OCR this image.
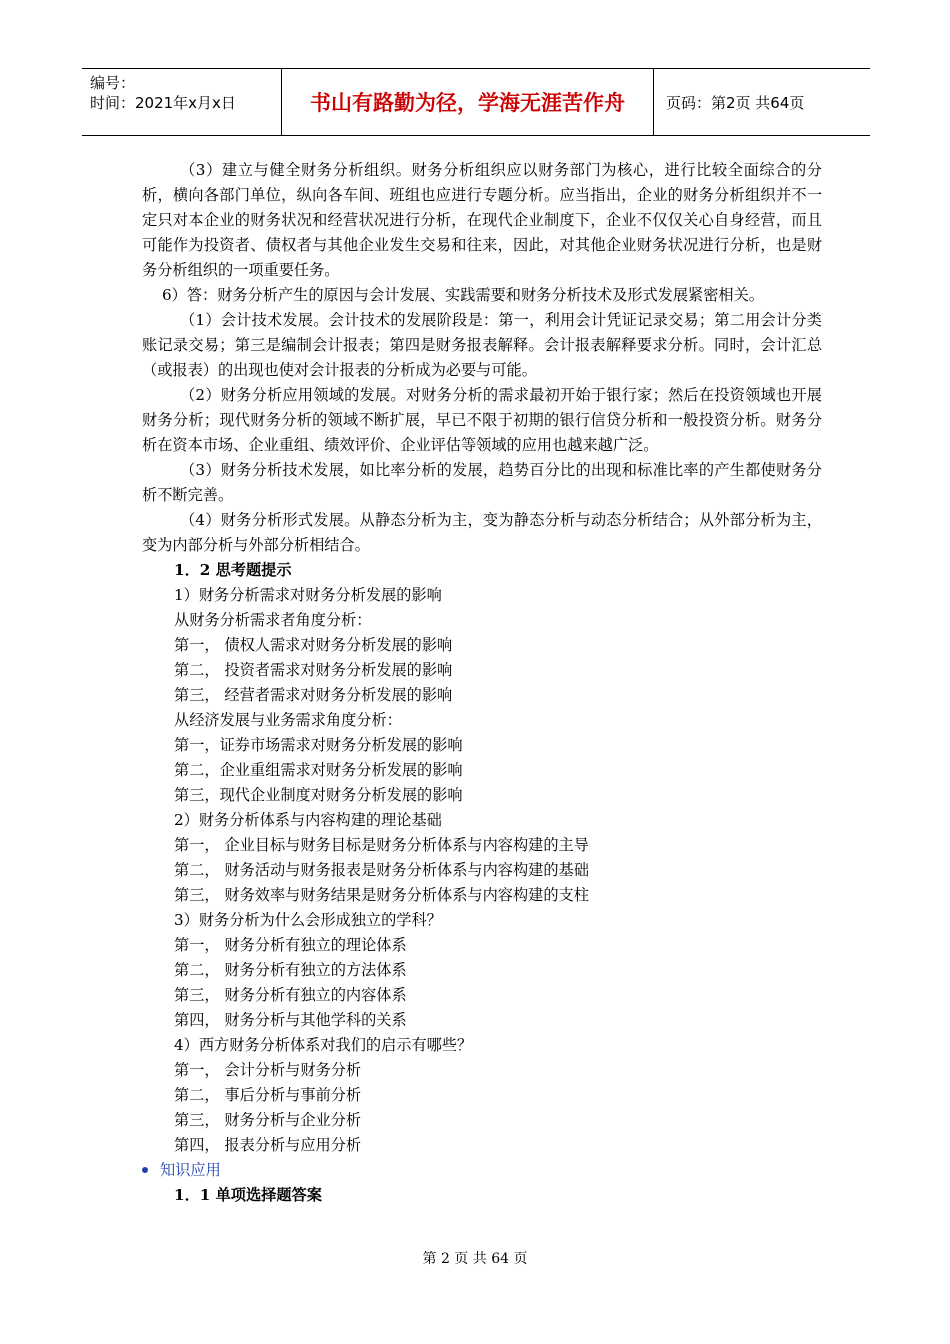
编号：
时间：2021年x月x日	书山有路勤为径，学海无涯苦作舟	页码：第2页 共64页

（3）建立与健全财务分析组织。财务分析组织应以财务部门为核心，进行比较全面综合的分析，横向各部门单位，纵向各车间、班组也应进行专题分析。应当指出，企业的财务分析组织并不一定只对本企业的财务状况和经营状况进行分析，在现代企业制度下，企业不仅仅关心自身经营，而且可能作为投资者、债权者与其他企业发生交易和往来，因此，对其他企业财务状况进行分析，也是财务分析组织的一项重要任务。

6）答：财务分析产生的原因与会计发展、实践需要和财务分析技术及形式发展紧密相关。

（1）会计技术发展。会计技术的发展阶段是：第一，利用会计凭证记录交易；第二用会计分类账记录交易；第三是编制会计报表；第四是财务报表解释。会计报表解释要求分析。同时，会计汇总（或报表）的出现也使对会计报表的分析成为必要与可能。

（2）财务分析应用领域的发展。对财务分析的需求最初开始于银行家；然后在投资领域也开展财务分析；现代财务分析的领域不断扩展，早已不限于初期的银行信贷分析和一般投资分析。财务分析在资本市场、企业重组、绩效评价、企业评估等领域的应用也越来越广泛。

（3）财务分析技术发展，如比率分析的发展，趋势百分比的出现和标准比率的产生都使财务分析不断完善。

（4）财务分析形式发展。从静态分析为主，变为静态分析与动态分析结合；从外部分析为主，变为内部分析与外部分析相结合。

1．2 思考题提示

1）财务分析需求对财务分析发展的影响

从财务分析需求者角度分析：

第一， 债权人需求对财务分析发展的影响

第二， 投资者需求对财务分析发展的影响

第三， 经营者需求对财务分析发展的影响

从经济发展与业务需求角度分析：

第一，证券市场需求对财务分析发展的影响

第二，企业重组需求对财务分析发展的影响

第三，现代企业制度对财务分析发展的影响

2）财务分析体系与内容构建的理论基础

第一， 企业目标与财务目标是财务分析体系与内容构建的主导

第二， 财务活动与财务报表是财务分析体系与内容构建的基础

第三， 财务效率与财务结果是财务分析体系与内容构建的支柱

3）财务分析为什么会形成独立的学科？

第一， 财务分析有独立的理论体系

第二， 财务分析有独立的方法体系

第三， 财务分析有独立的内容体系

第四， 财务分析与其他学科的关系

4）西方财务分析体系对我们的启示有哪些？

第一， 会计分析与财务分析

第二， 事后分析与事前分析

第三， 财务分析与企业分析

第四， 报表分析与应用分析

知识应用

1．1 单项选择题答案

第 2 页 共 64 页
